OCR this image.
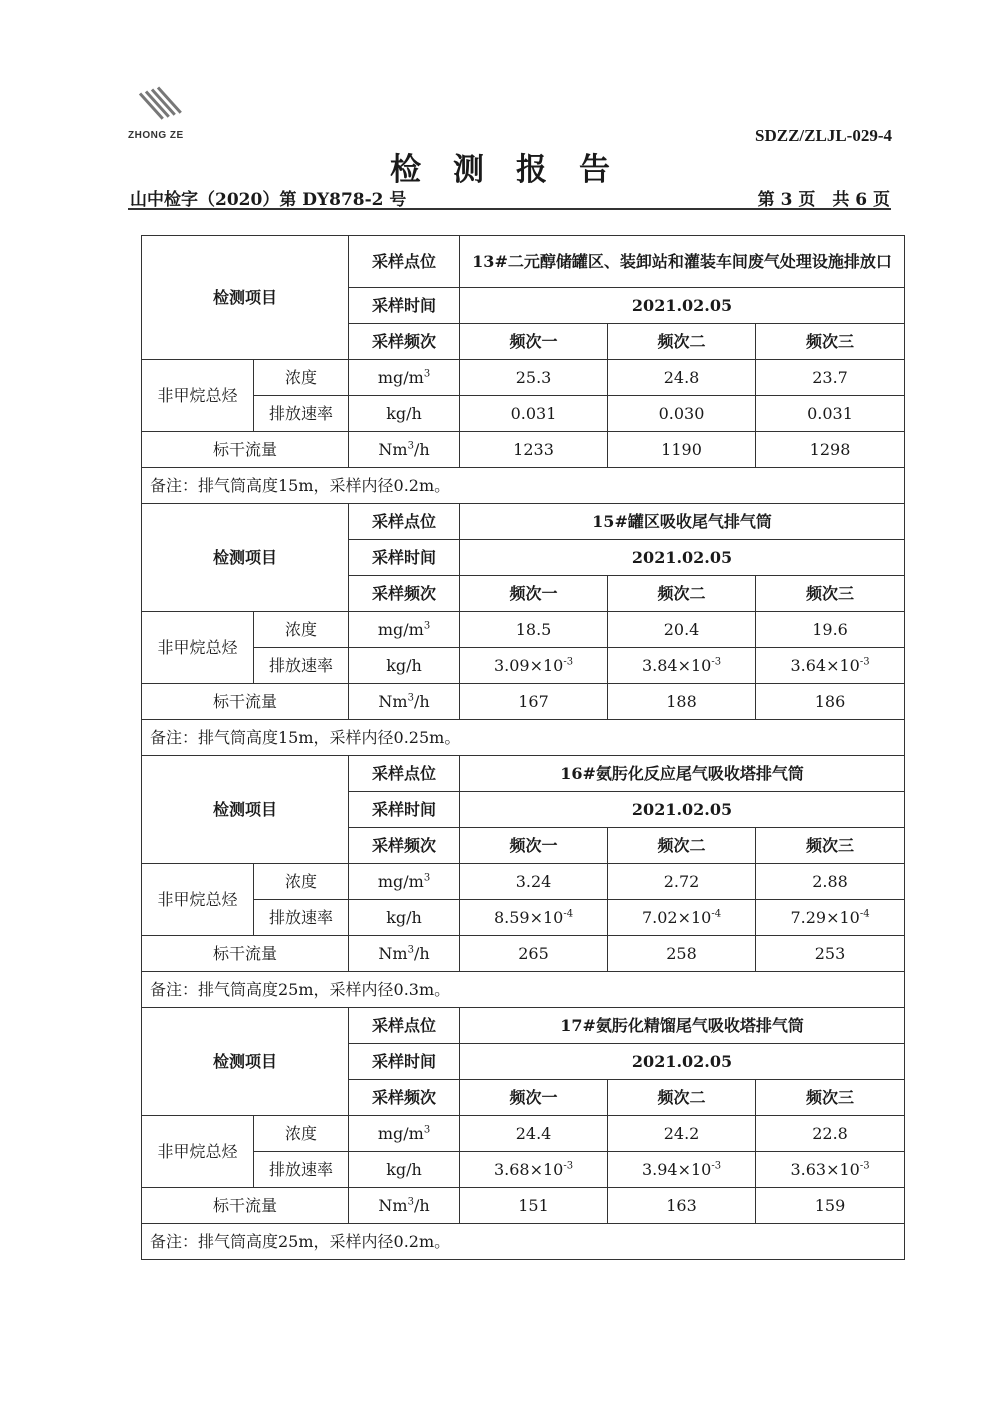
ZHONG ZE	SDZZ/ZLJL-029-4
检测报告
山中检字（2020）第 DY878-2 号	第 3 页　共 6 页
检测项目		采样点位	13#二元醇储罐区、装卸站和灌装车间废气处理设施排放口		
		采样时间	2021.02.05		
		采样频次	频次一	频次二	频次三
非甲烷总烃	浓度	$mg/m^3$	25.3	24.8	23.7
	排放速率	kg/h	0.031	0.030	0.031
标干流量		Nm$^3$/h	1233	1190	1298
备注：排气筒高度15m，采样内径0.2m。					
检测项目		采样点位	15#罐区吸收尾气排气筒		
		采样时间	2021.02.05		
		采样频次	频次一	频次二	频次三
非甲烷总烃	浓度	$mg/m^3$	18.5	20.4	19.6
	排放速率	kg/h	$3.09\times 10^{-3}$	$3.84\times 10^{-3}$	$3.64\times 10^{-3}$
标干流量		Nm$^3$/h	167	188	186
备注：排气筒高度15m，采样内径0.25m。					
检测项目		采样点位	16#氨肟化反应尾气吸收塔排气筒		
		采样时间	2021.02.05		
		采样频次	频次一	频次二	频次三
非甲烷总烃	浓度	$mg/m^3$	3.24	2.72	2.88
	排放速率	kg/h	$8.59\times 10^{-4}$	$7.02\times 10^{-4}$	$7.29\times 10^{-4}$
标干流量		Nm$^3$/h	265	258	253
备注：排气筒高度25m，采样内径0.3m。					
检测项目		采样点位	17#氨肟化精馏尾气吸收塔排气筒		
		采样时间	2021.02.05		
		采样频次	频次一	频次二	频次三
非甲烷总烃	浓度	$mg/m^3$	24.4	24.2	22.8
	排放速率	kg/h	$3.68\times 10^{-3}$	$3.94\times 10^{-3}$	$3.63\times 10^{-3}$
标干流量		Nm$^3$/h	151	163	159
备注：排气筒高度25m，采样内径0.2m。					
